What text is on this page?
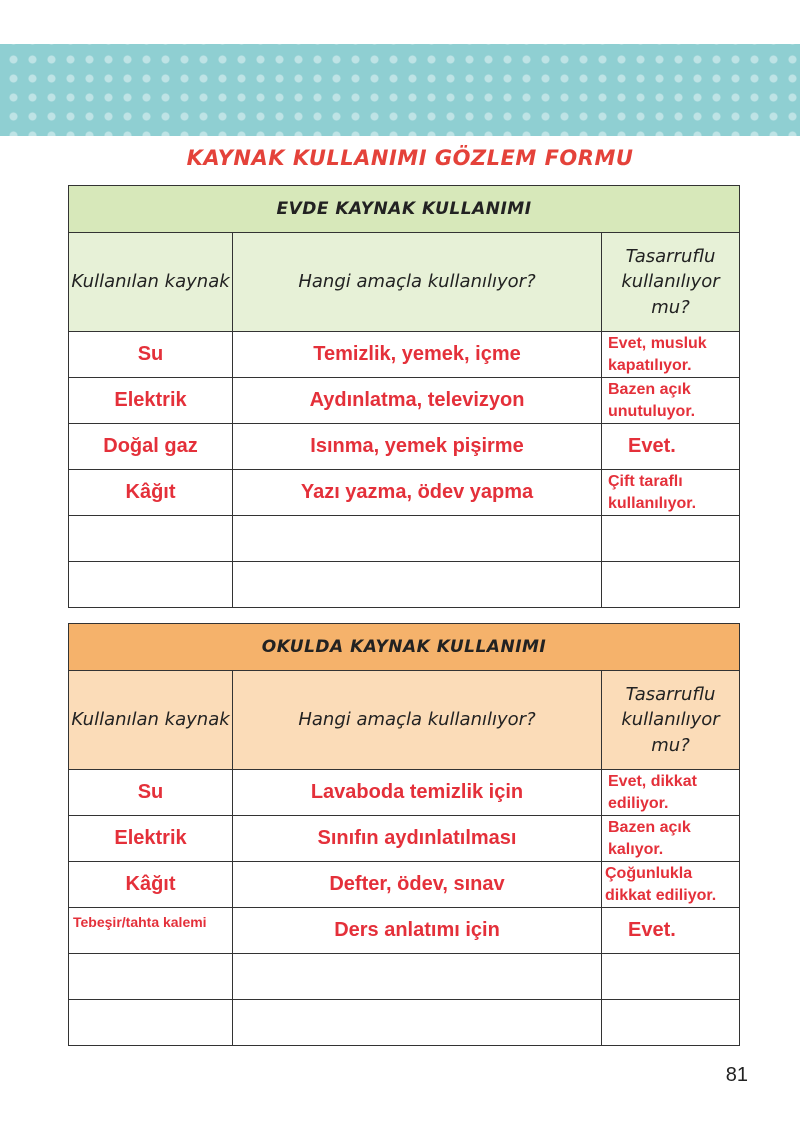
KAYNAK KULLANIMI GÖZLEM FORMU
EVDE KAYNAK KULLANIMI		
Kullanılan kaynak	Hangi amaçla kullanılıyor?	Tasarruflu kullanılıyor mu?
Su	Temizlik, yemek, içme	Evet, musluk kapatılıyor.
Elektrik	Aydınlatma, televizyon	Bazen açık unutuluyor.
Doğal gaz	Isınma, yemek pişirme	Evet.
Kâğıt	Yazı yazma, ödev yapma	Çift taraflı kullanılıyor.

OKULDA KAYNAK KULLANIMI		
Kullanılan kaynak	Hangi amaçla kullanılıyor?	Tasarruflu kullanılıyor mu?
Su	Lavaboda temizlik için	Evet, dikkat ediliyor.
Elektrik	Sınıfın aydınlatılması	Bazen açık kalıyor.
Kâğıt	Defter, ödev, sınav	Çoğunlukla dikkat ediliyor.
Tebeşir/tahta kalemi	Ders anlatımı için	Evet.

81
